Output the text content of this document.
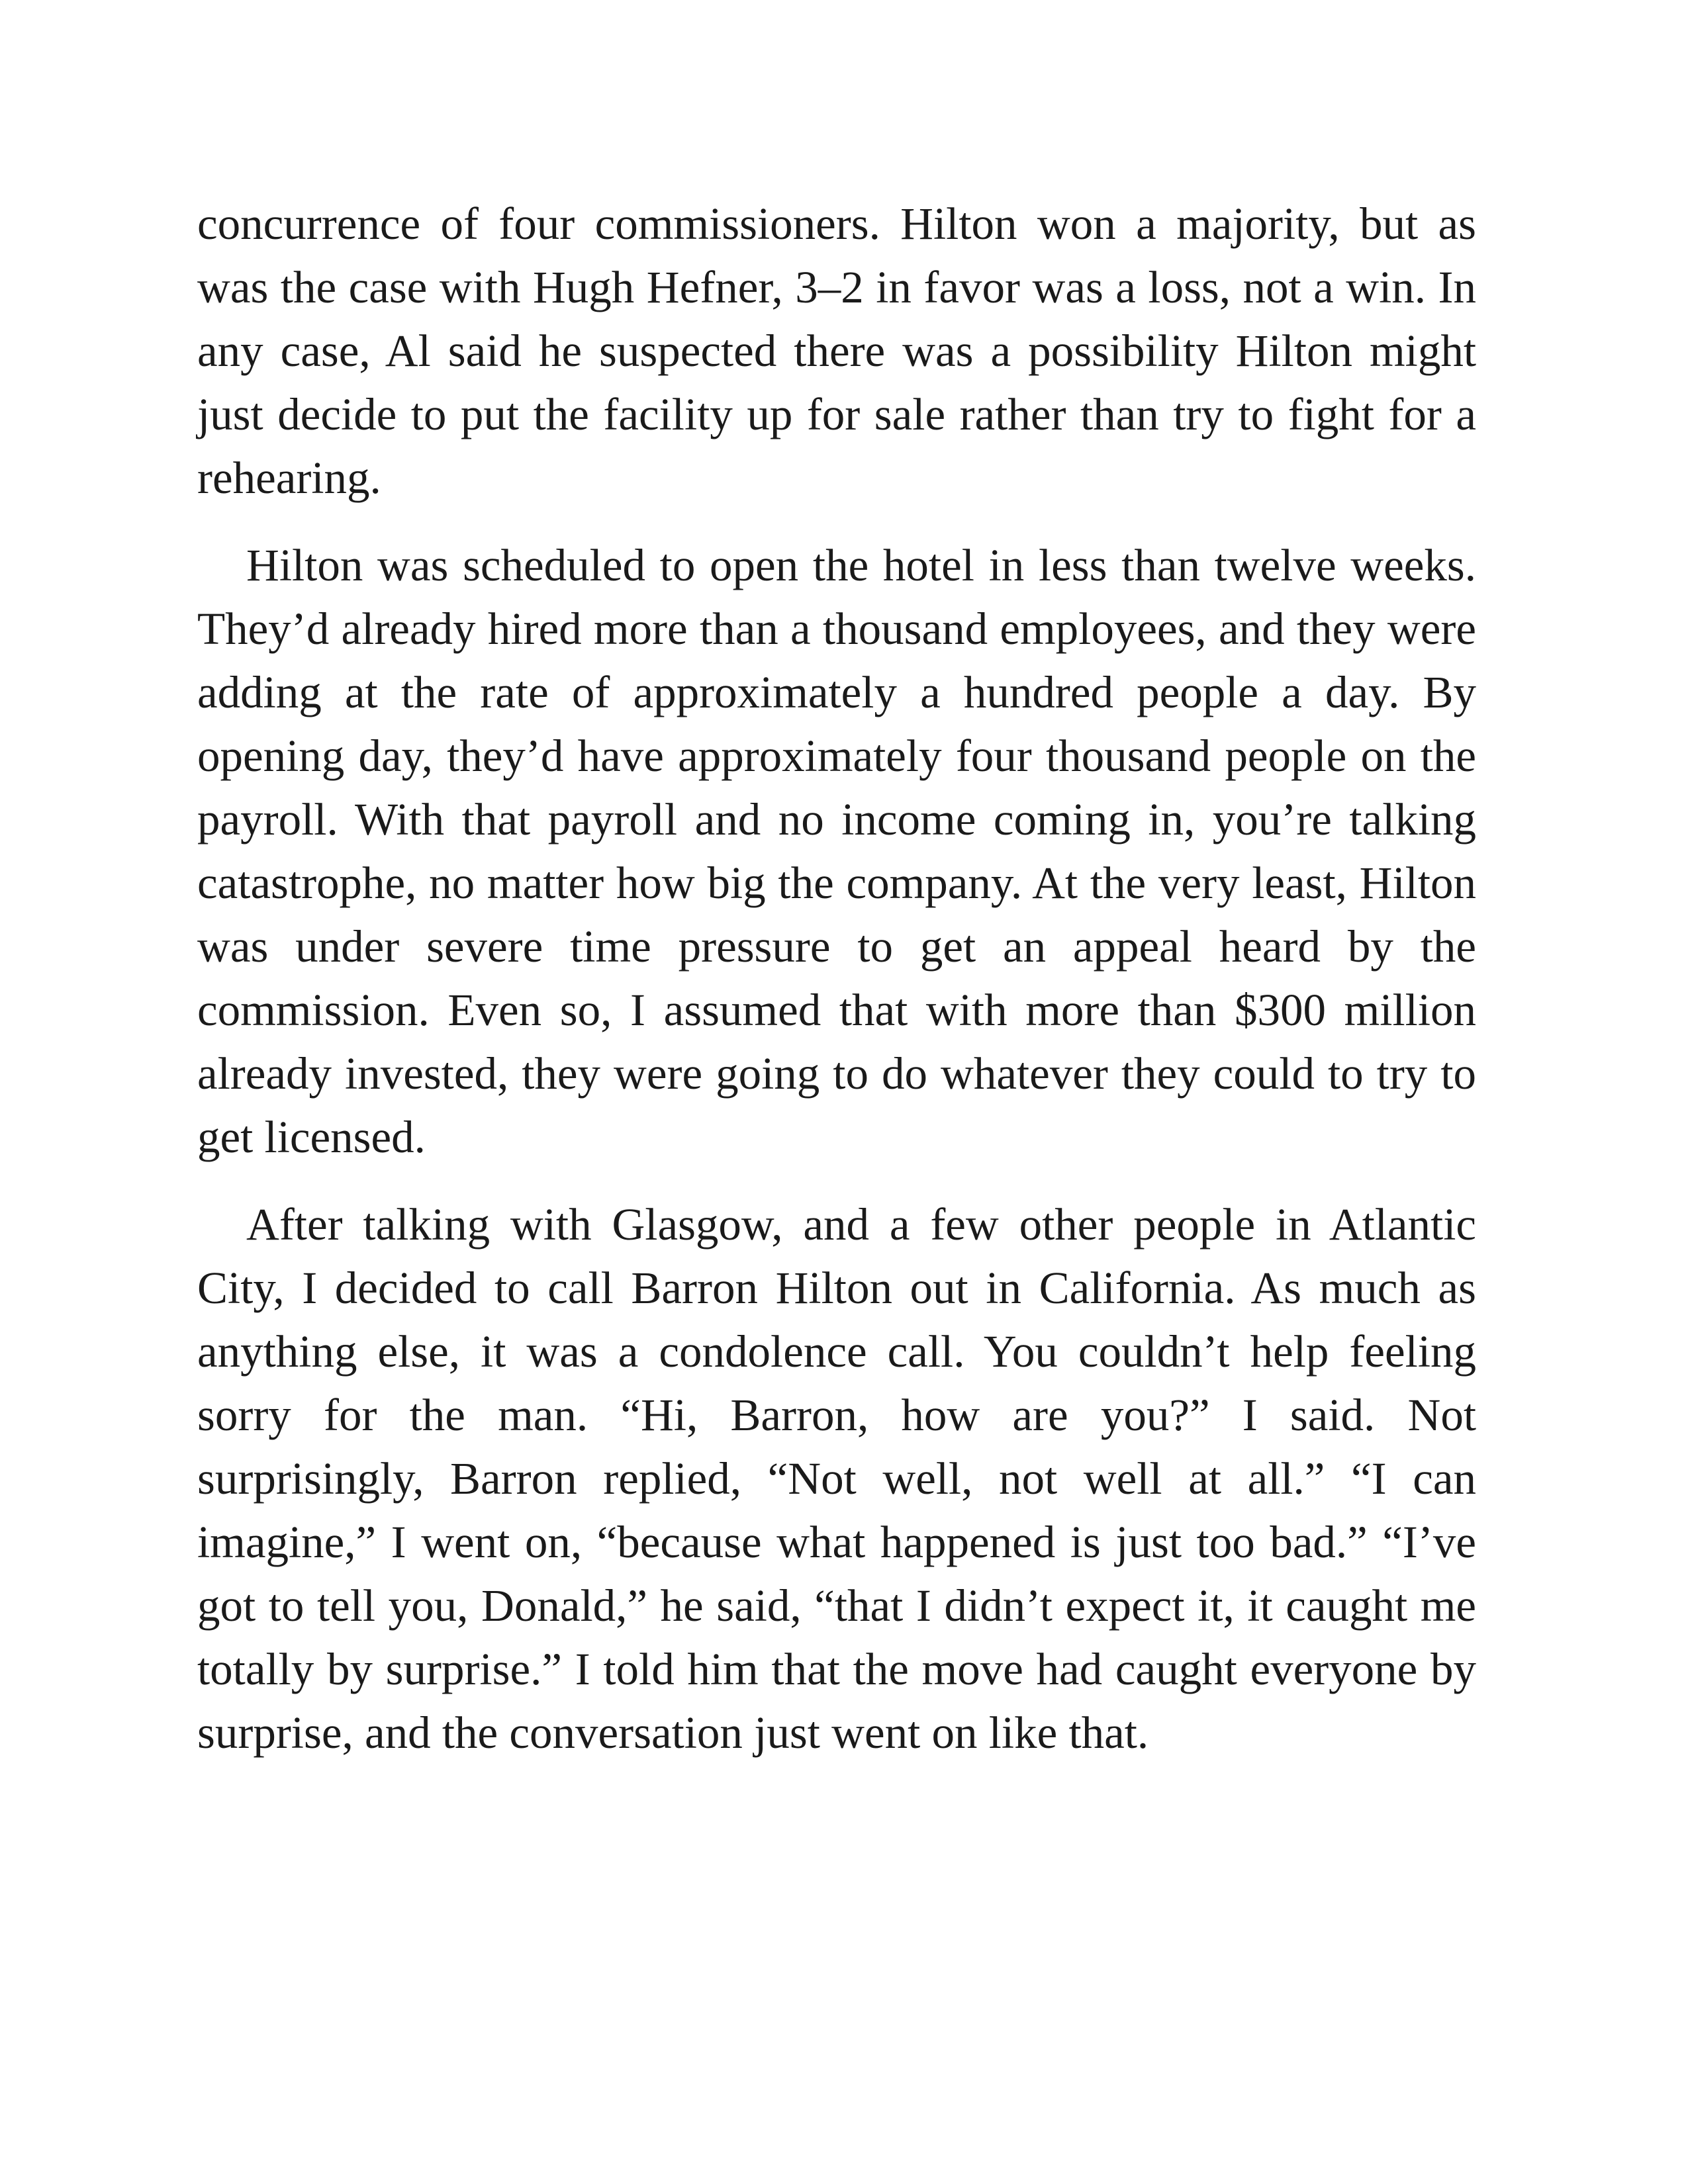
concurrence of four commissioners. Hilton won a majority, but as was the case with Hugh Hefner, 3–2 in favor was a loss, not a win. In any case, Al said he suspected there was a possibility Hilton might just decide to put the facility up for sale rather than try to fight for a rehearing.

Hilton was scheduled to open the hotel in less than twelve weeks. They’d already hired more than a thousand employees, and they were adding at the rate of approximately a hundred people a day. By opening day, they’d have approximately four thousand people on the payroll. With that payroll and no income coming in, you’re talking catastrophe, no matter how big the company. At the very least, Hilton was under severe time pressure to get an appeal heard by the commission. Even so, I assumed that with more than $300 million already invested, they were going to do whatever they could to try to get licensed.

After talking with Glasgow, and a few other people in Atlantic City, I decided to call Barron Hilton out in California. As much as anything else, it was a condolence call. You couldn’t help feeling sorry for the man. “Hi, Barron, how are you?” I said. Not surprisingly, Barron replied, “Not well, not well at all.” “I can imagine,” I went on, “because what happened is just too bad.” “I’ve got to tell you, Donald,” he said, “that I didn’t expect it, it caught me totally by surprise.” I told him that the move had caught everyone by surprise, and the conversation just went on like that.
